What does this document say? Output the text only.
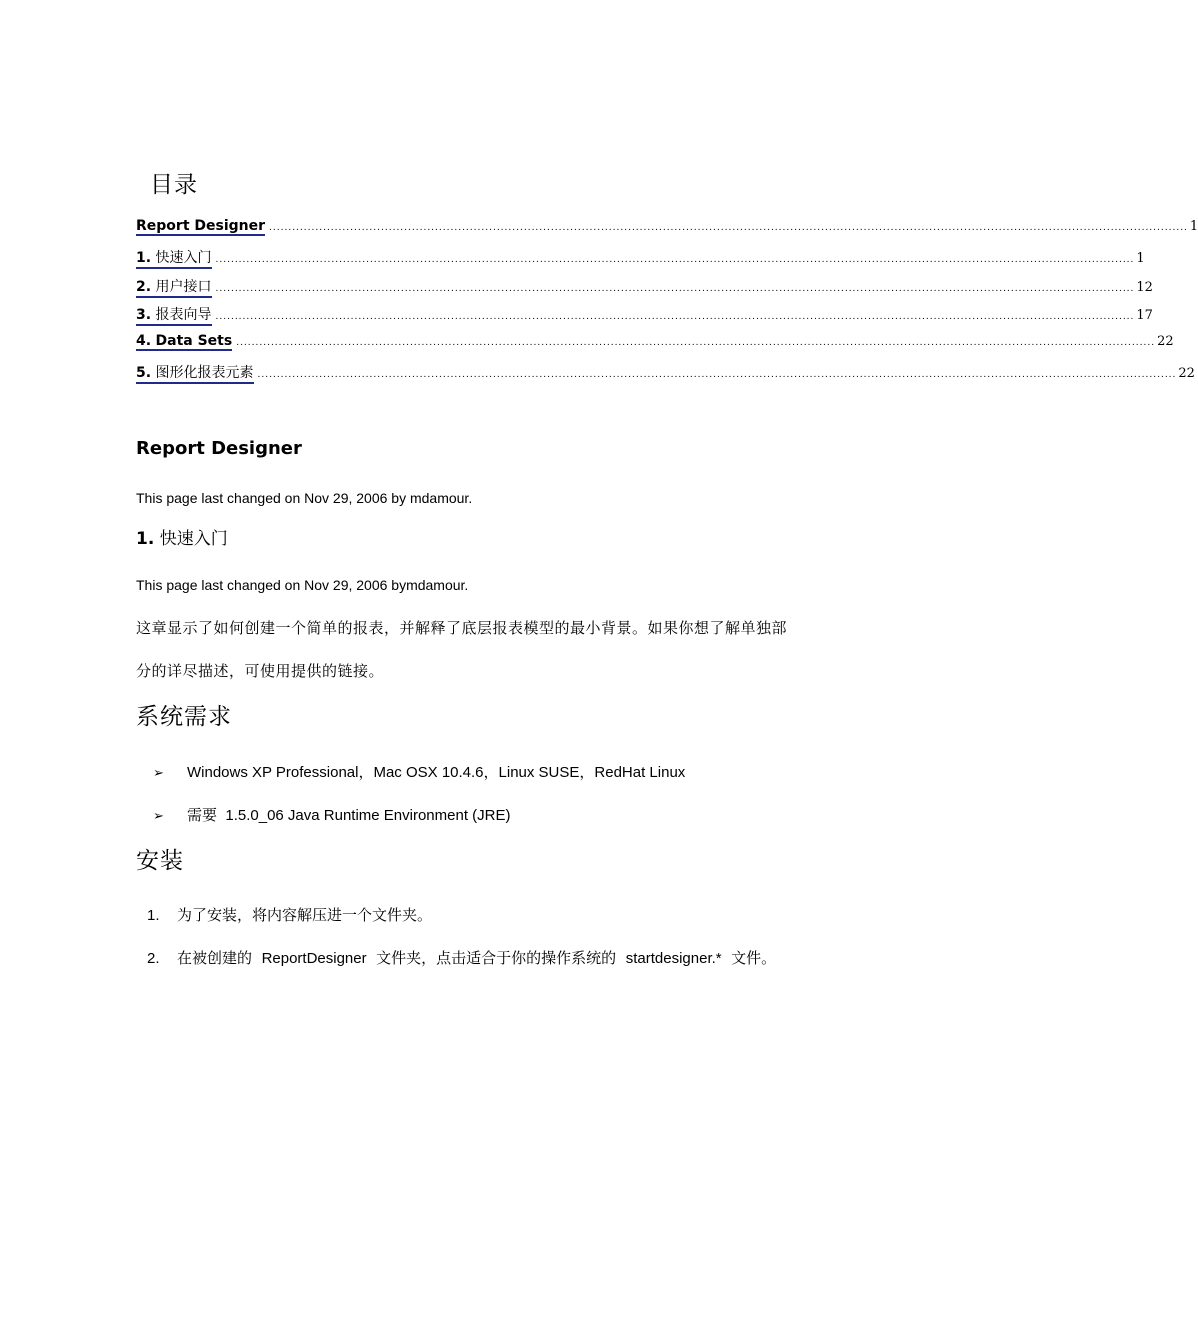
目录
Report Designer .............................................................................................................................................................................................................................................. 1
1. 快速入门 .............................................................................................................................................................................................................................................. 1
2. 用户接口 .............................................................................................................................................................................................................................................. 12
3. 报表向导 .............................................................................................................................................................................................................................................. 17
4. Data Sets .............................................................................................................................................................................................................................................. 22
5. 图形化报表元素 .............................................................................................................................................................................................................................................. 22
Report Designer
This page last changed on Nov 29, 2006 by mdamour.
1. 快速入门
This page last changed on Nov 29, 2006 bymdamour.
这章显示了如何创建一个简单的报表，并解释了底层报表模型的最小背景。如果你想了解单独部
分的详尽描述，可使用提供的链接。
系统需求
➢	Windows XP Professional，Mac OSX 10.4.6，Linux SUSE，RedHat Linux
➢	需要 1.5.0_06 Java Runtime Environment (JRE)
安装
1.	为了安装，将内容解压进一个文件夹。
2.	在被创建的 ReportDesigner 文件夹，点击适合于你的操作系统的 startdesigner.* 文件。
